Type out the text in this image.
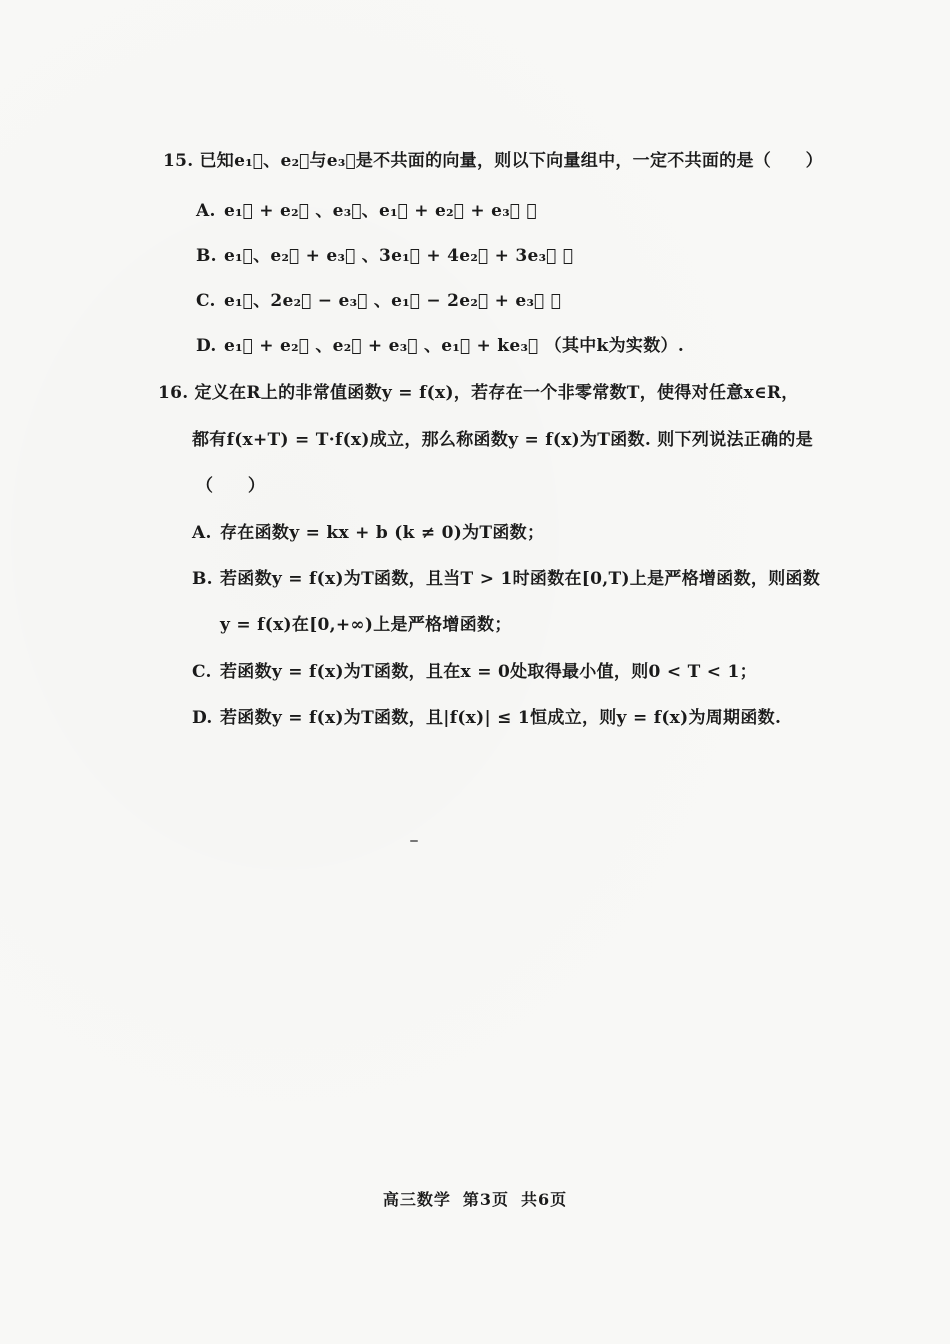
15. 已知e₁⃗、e₂⃗与e₃⃗是不共面的向量，则以下向量组中，一定不共面的是（　　）
A. e₁⃗ + e₂⃗ 、e₃⃗、e₁⃗ + e₂⃗ + e₃⃗ ；
B. e₁⃗、e₂⃗ + e₃⃗ 、3e₁⃗ + 4e₂⃗ + 3e₃⃗ ；
C. e₁⃗、2e₂⃗ − e₃⃗ 、e₁⃗ − 2e₂⃗ + e₃⃗ ；
D. e₁⃗ + e₂⃗ 、e₂⃗ + e₃⃗ 、e₁⃗ + ke₃⃗ （其中k为实数）.
16. 定义在R上的非常值函数y = f(x)，若存在一个非零常数T，使得对任意x∈R，
都有f(x+T) = T·f(x)成立，那么称函数y = f(x)为T函数. 则下列说法正确的是
（　　）
A. 存在函数y = kx + b (k ≠ 0)为T函数；
B. 若函数y = f(x)为T函数，且当T > 1时函数在[0,T)上是严格增函数，则函数
y = f(x)在[0,+∞)上是严格增函数；
C. 若函数y = f(x)为T函数，且在x = 0处取得最小值，则0 < T < 1；
D. 若函数y = f(x)为T函数，且|f(x)| ≤ 1恒成立，则y = f(x)为周期函数.
高三数学 第3页 共6页
